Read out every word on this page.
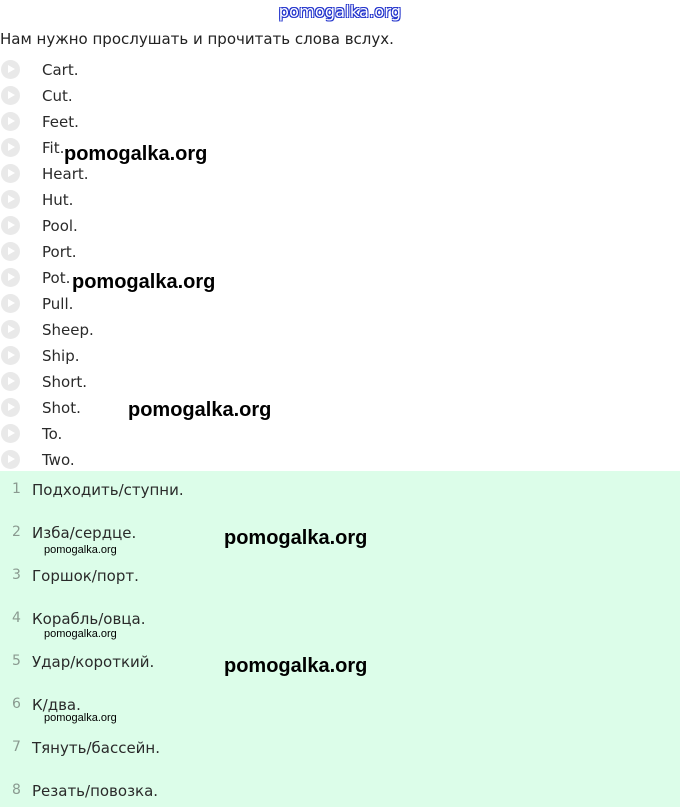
pomogalka.org
Нам нужно прослушать и прочитать слова вслух.
Cart.
Cut.
Feet.
Fit.
Heart.
Hut.
Pool.
Port.
Pot.
Pull.
Sheep.
Ship.
Short.
Shot.
To.
Two.
1 Подходить/ступни.
2 Изба/сердце.
3 Горшок/порт.
4 Корабль/овца.
5 Удар/короткий.
6 К/два.
7 Тянуть/бассейн.
8 Резать/повозка.
pomogalka.org
pomogalka.org
pomogalka.org
pomogalka.org
pomogalka.org
pomogalka.org
pomogalka.org
pomogalka.org
